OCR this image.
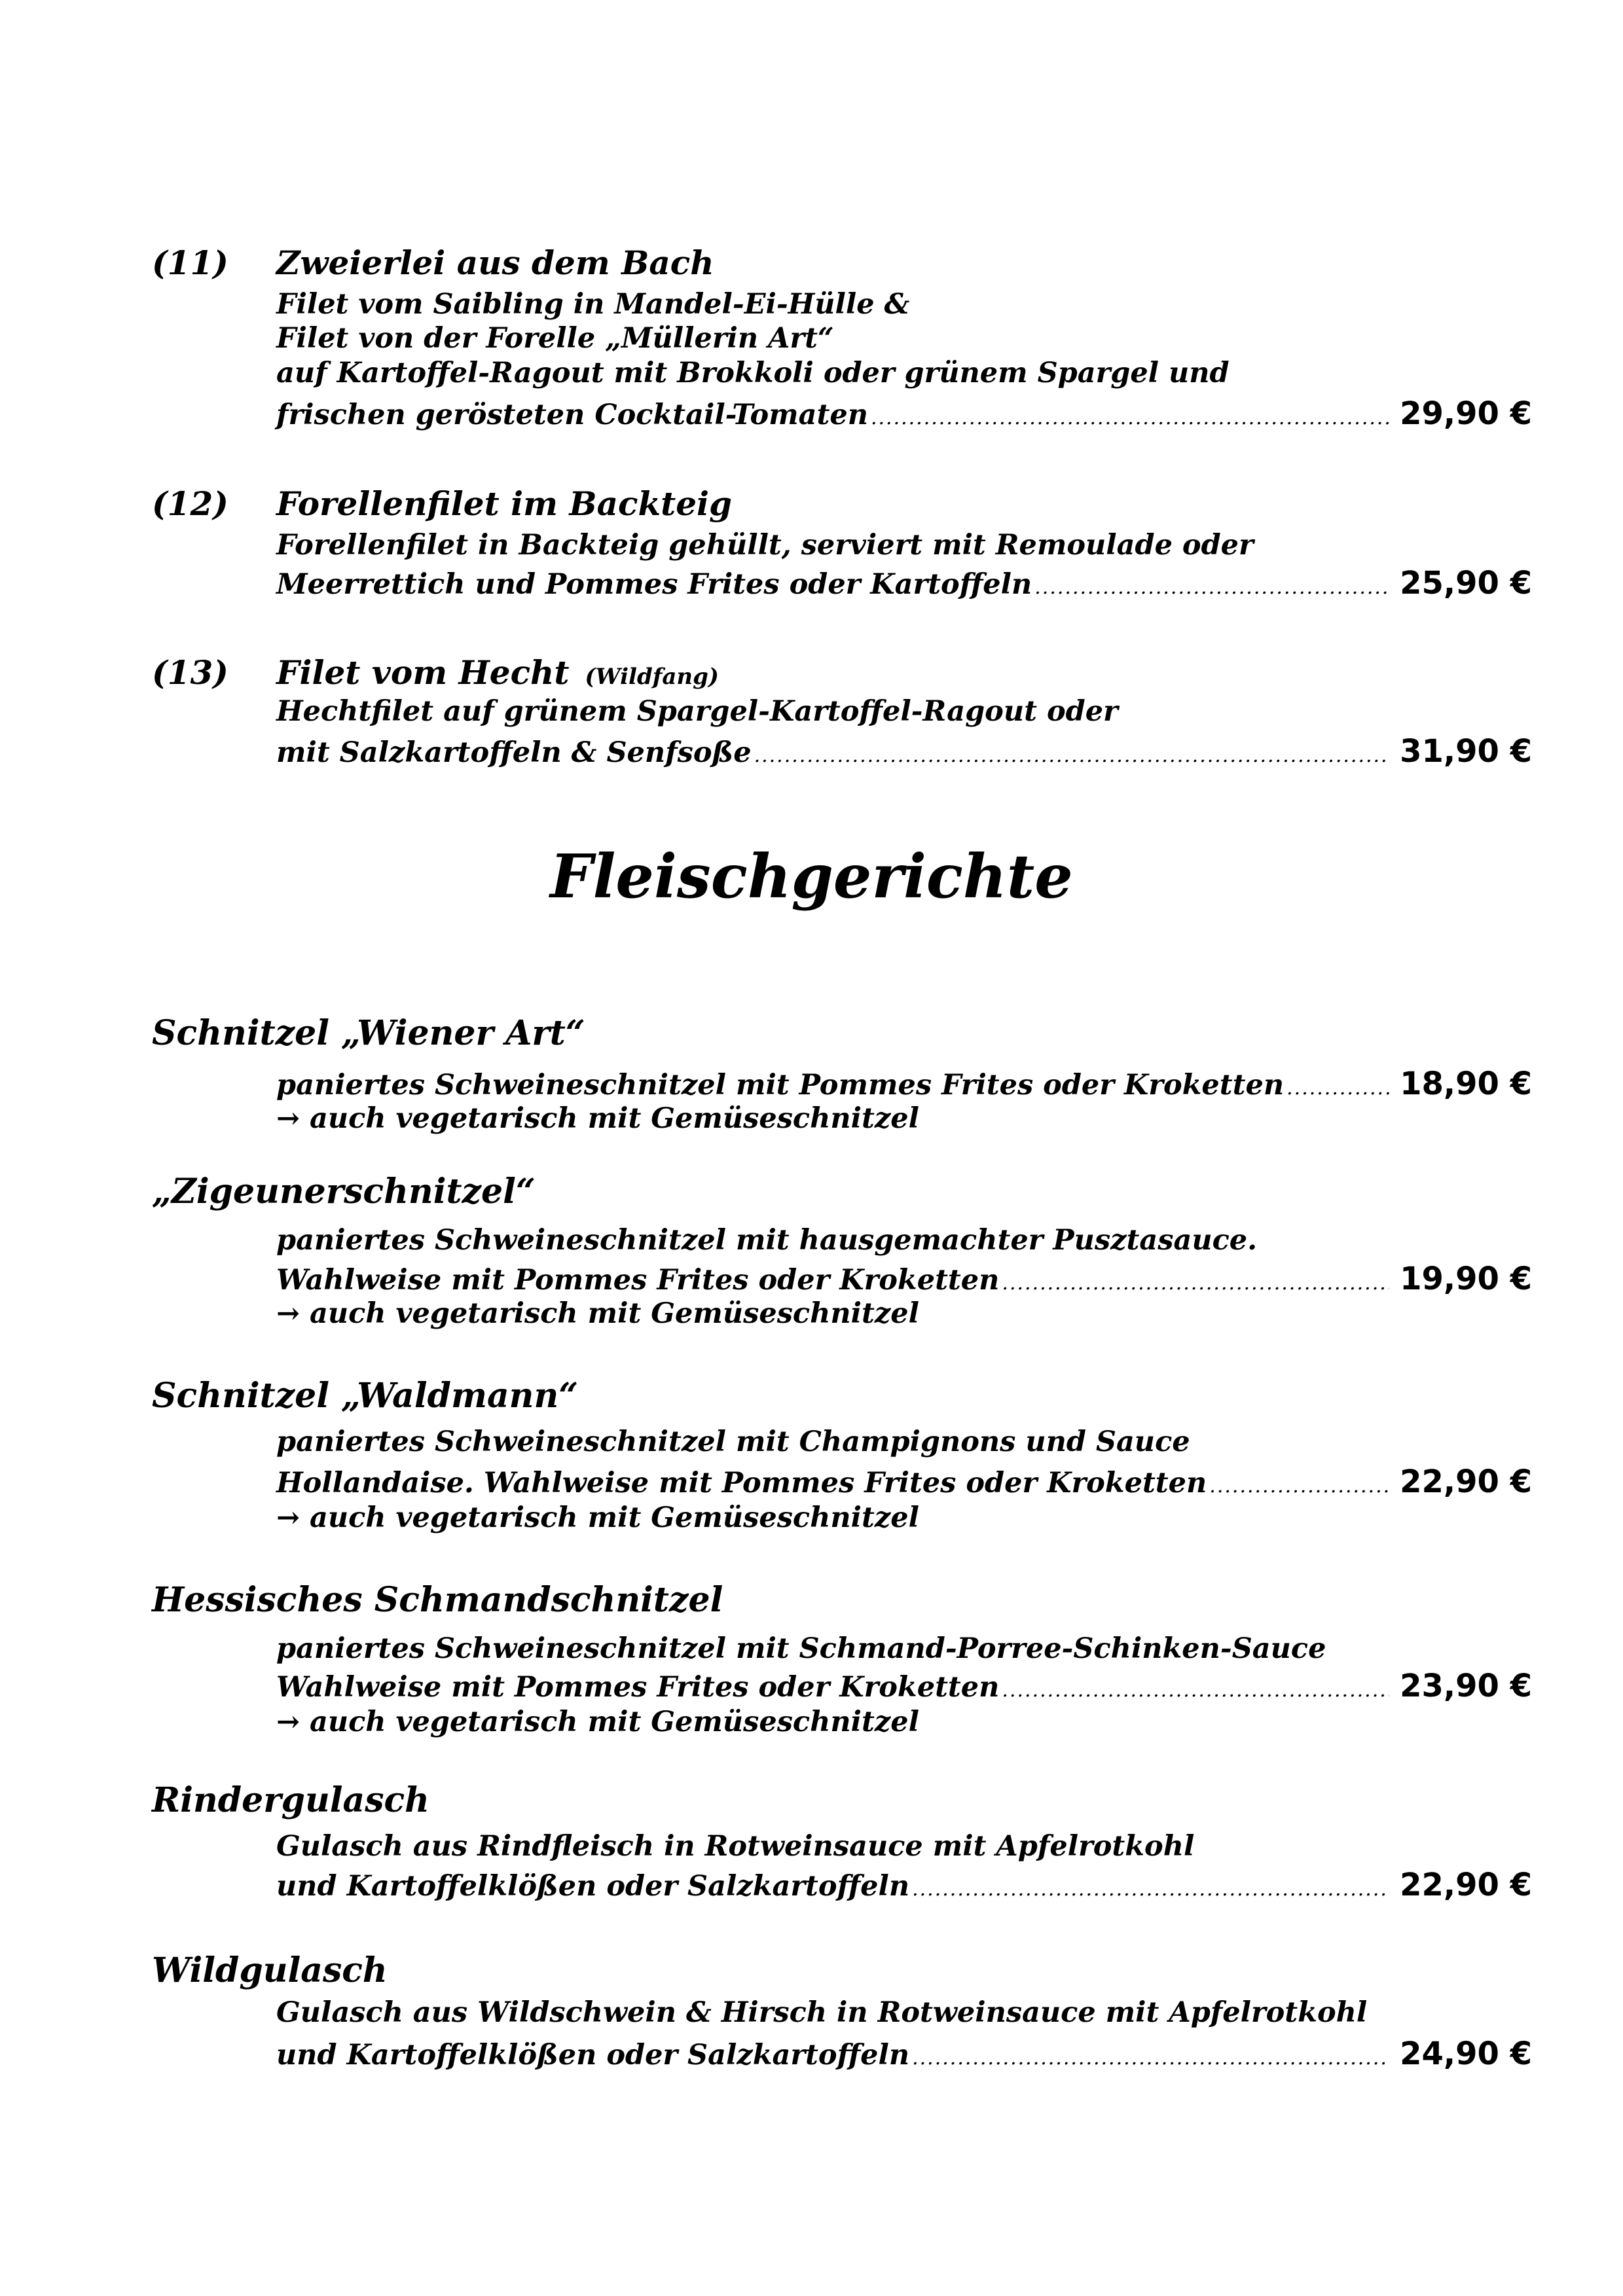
(11) Zweierlei aus dem Bach
Filet vom Saibling in Mandel-Ei-Hülle &
Filet von der Forelle „Müllerin Art“
auf Kartoffel-Ragout mit Brokkoli oder grünem Spargel und
frischen gerösteten Cocktail-Tomaten .....	29,90 €
(12) Forellenfilet im Backteig
Forellenfilet in Backteig gehüllt, serviert mit Remoulade oder
Meerrettich und Pommes Frites oder Kartoffeln .....	25,90 €
(13) Filet vom Hecht (Wildfang)
Hechtfilet auf grünem Spargel-Kartoffel-Ragout oder
mit Salzkartoffeln & Senfsoße .....	31,90 €
Fleischgerichte
Schnitzel „Wiener Art“
paniertes Schweineschnitzel mit Pommes Frites oder Kroketten .....	18,90 €
→ auch vegetarisch mit Gemüseschnitzel
„Zigeunerschnitzel“
paniertes Schweineschnitzel mit hausgemachter Pusztasauce.
Wahlweise mit Pommes Frites oder Kroketten .....	19,90 €
→ auch vegetarisch mit Gemüseschnitzel
Schnitzel „Waldmann“
paniertes Schweineschnitzel mit Champignons und Sauce
Hollandaise. Wahlweise mit Pommes Frites oder Kroketten .....	22,90 €
→ auch vegetarisch mit Gemüseschnitzel
Hessisches Schmandschnitzel
paniertes Schweineschnitzel mit Schmand-Porree-Schinken-Sauce
Wahlweise mit Pommes Frites oder Kroketten .....	23,90 €
→ auch vegetarisch mit Gemüseschnitzel
Rindergulasch
Gulasch aus Rindfleisch in Rotweinsauce mit Apfelrotkohl
und Kartoffelklößen oder Salzkartoffeln .....	22,90 €
Wildgulasch
Gulasch aus Wildschwein & Hirsch in Rotweinsauce mit Apfelrotkohl
und Kartoffelklößen oder Salzkartoffeln .....	24,90 €
